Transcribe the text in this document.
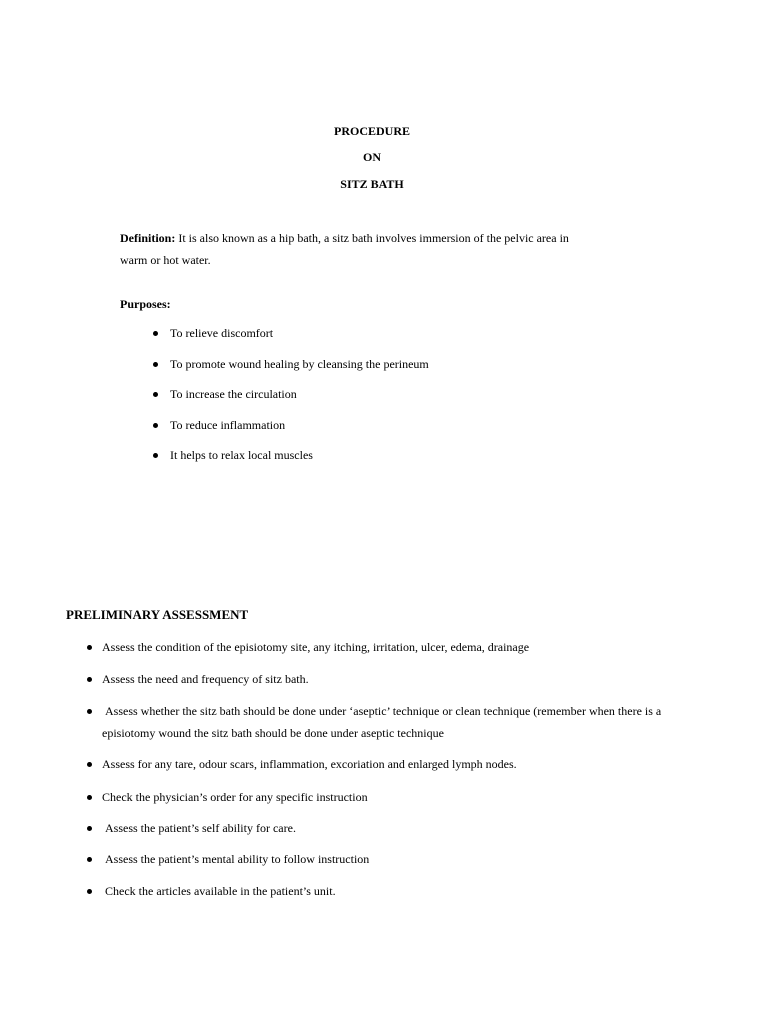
PROCEDURE
ON
SITZ BATH
Definition: It is also known as a hip bath, a sitz bath involves immersion of the pelvic area in
warm or hot water.
Purposes:
To relieve discomfort
To promote wound healing by cleansing the perineum
To increase the circulation
To reduce inflammation
It helps to relax local muscles
PRELIMINARY ASSESSMENT
Assess the condition of the episiotomy site, any itching, irritation, ulcer, edema, drainage
Assess the need and frequency of sitz bath.
Assess whether the sitz bath should be done under ‘aseptic’ technique or clean technique (remember when there is a
episiotomy wound the sitz bath should be done under aseptic technique
Assess for any tare, odour scars, inflammation, excoriation and enlarged lymph nodes.
Check the physician’s order for any specific instruction
Assess the patient’s self ability for care.
Assess the patient’s mental ability to follow instruction
Check the articles available in the patient’s unit.
